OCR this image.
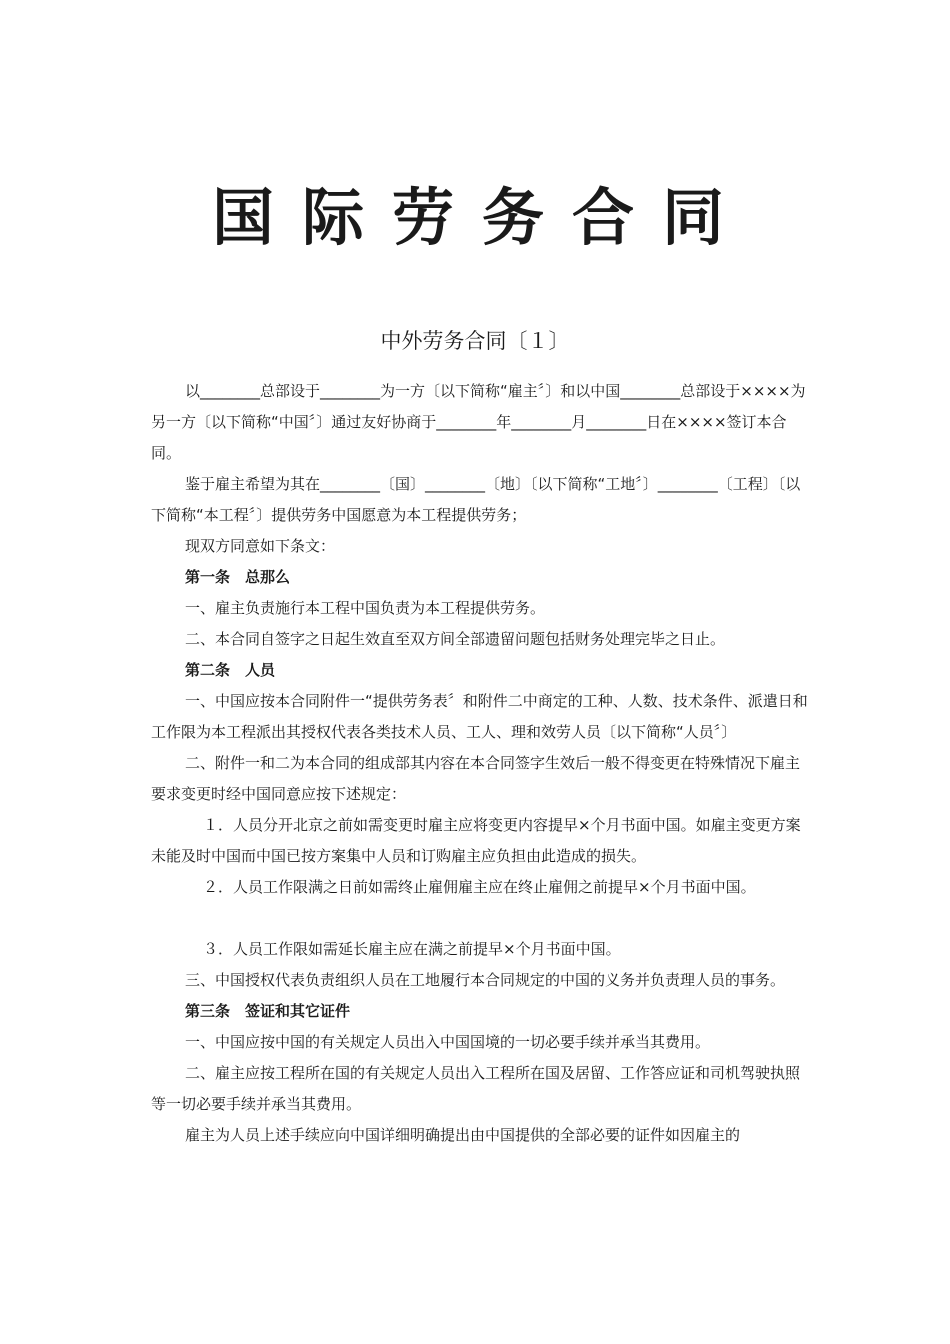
国际劳务合同
中外劳务合同〔１〕

以________总部设于________为一方〔以下简称“雇主〞〕和以中国________总部设于××××为另一方〔以下简称“中国〞〕通过友好协商于________年________月________日在××××签订本合同。

鉴于雇主希望为其在________〔国〕________〔地〕〔以下简称“工地〞〕________〔工程〕〔以下简称“本工程〞〕提供劳务中国愿意为本工程提供劳务；

现双方同意如下条文：

第一条　总那么

一、雇主负责施行本工程中国负责为本工程提供劳务。

二、本合同自签字之日起生效直至双方间全部遗留问题包括财务处理完毕之日止。

第二条　人员

一、中国应按本合同附件一“提供劳务表〞和附件二中商定的工种、人数、技术条件、派遣日和工作限为本工程派出其授权代表各类技术人员、工人、理和效劳人员〔以下简称“人员〞〕

二、附件一和二为本合同的组成部其内容在本合同签字生效后一般不得变更在特殊情况下雇主要求变更时经中国同意应按下述规定：

１．人员分开北京之前如需变更时雇主应将变更内容提早×个月书面中国。如雇主变更方案未能及时中国而中国已按方案集中人员和订购雇主应负担由此造成的损失。

２．人员工作限满之日前如需终止雇佣雇主应在终止雇佣之前提早×个月书面中国。

３．人员工作限如需延长雇主应在满之前提早×个月书面中国。

三、中国授权代表负责组织人员在工地履行本合同规定的中国的义务并负责理人员的事务。

第三条　签证和其它证件

一、中国应按中国的有关规定人员出入中国国境的一切必要手续并承当其费用。

二、雇主应按工程所在国的有关规定人员出入工程所在国及居留、工作答应证和司机驾驶执照等一切必要手续并承当其费用。

雇主为人员上述手续应向中国详细明确提出由中国提供的全部必要的证件如因雇主的
